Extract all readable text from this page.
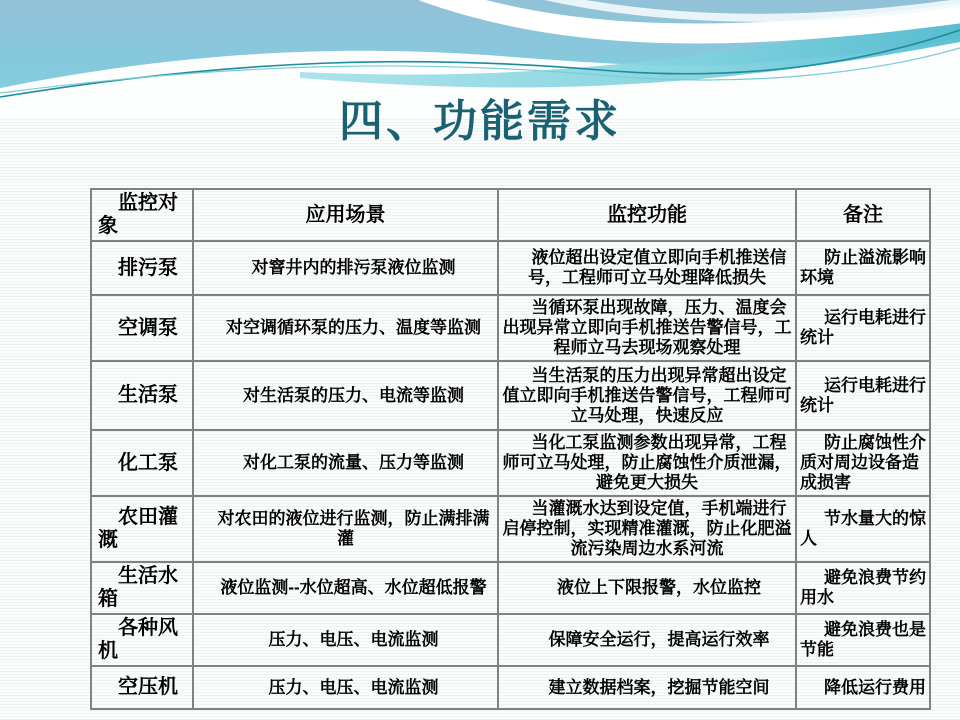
四、功能需求
监控对象	应用场景	监控功能	备注
排污泵	对窨井内的排污泵液位监测	液位超出设定值立即向手机推送信号，工程师可立马处理降低损失	防止溢流影响环境
空调泵	对空调循环泵的压力、温度等监测	当循环泵出现故障，压力、温度会出现异常立即向手机推送告警信号，工程师立马去现场观察处理	运行电耗进行统计
生活泵	对生活泵的压力、电流等监测	当生活泵的压力出现异常超出设定值立即向手机推送告警信号，工程师可立马处理，快速反应	运行电耗进行统计
化工泵	对化工泵的流量、压力等监测	当化工泵监测参数出现异常，工程师可立马处理，防止腐蚀性介质泄漏，避免更大损失	防止腐蚀性介质对周边设备造成损害
农田灌溉	对农田的液位进行监测，防止满排满灌	当灌溉水达到设定值，手机端进行启停控制，实现精准灌溉，防止化肥溢流污染周边水系河流	节水量大的惊人
生活水箱	液位监测--水位超高、水位超低报警	液位上下限报警，水位监控	避免浪费节约用水
各种风机	压力、电压、电流监测	保障安全运行，提高运行效率	避免浪费也是节能
空压机	压力、电压、电流监测	建立数据档案，挖掘节能空间	降低运行费用
